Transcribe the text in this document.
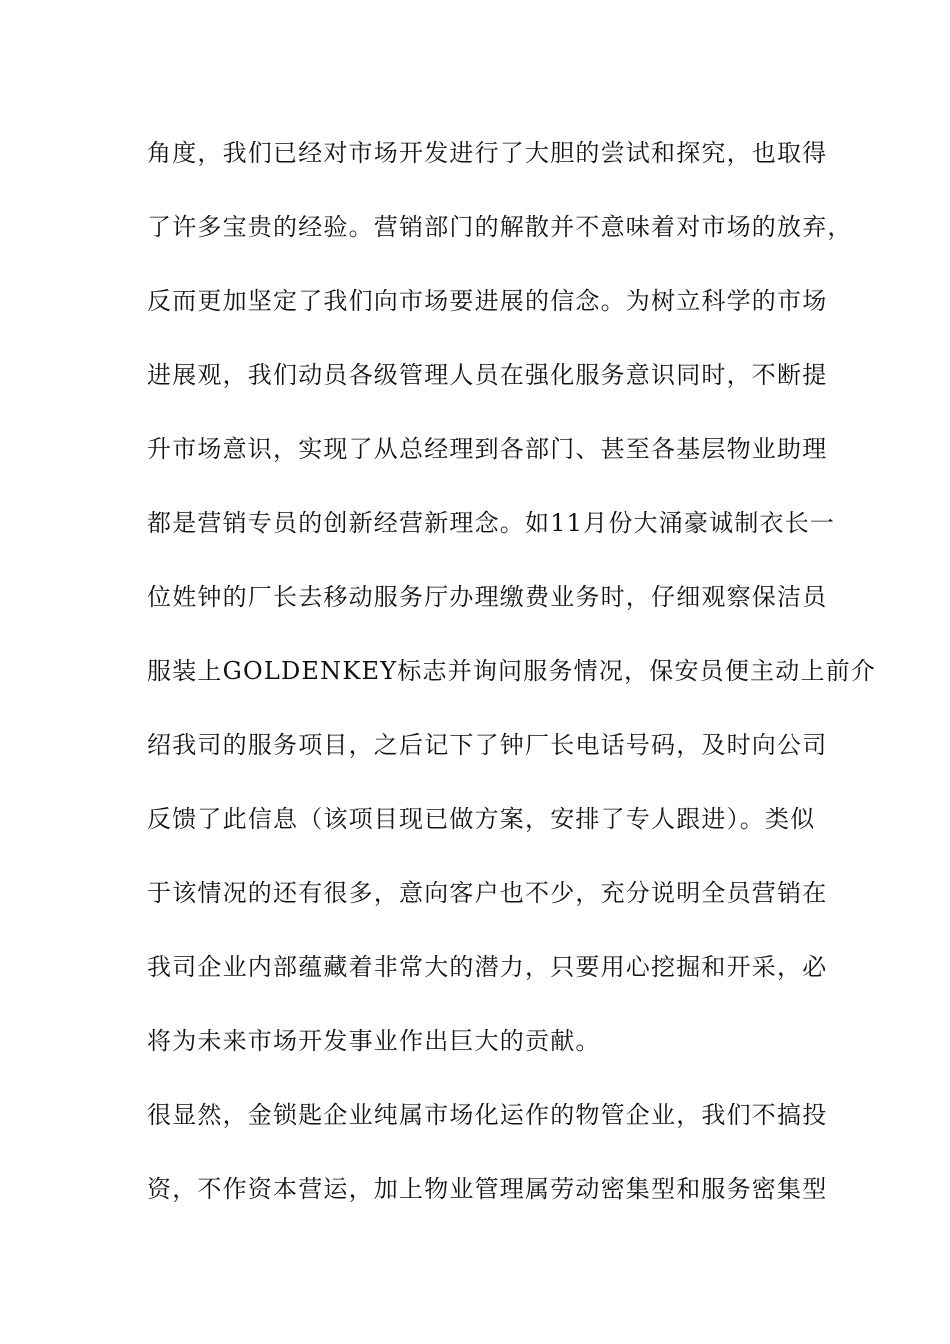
角度，我们已经对市场开发进行了大胆的尝试和探究，也取得
了许多宝贵的经验。营销部门的解散并不意味着对市场的放弃，
反而更加坚定了我们向市场要进展的信念。为树立科学的市场
进展观，我们动员各级管理人员在强化服务意识同时，不断提
升市场意识，实现了从总经理到各部门、甚至各基层物业助理
都是营销专员的创新经营新理念。如11月份大涌豪诚制衣长一
位姓钟的厂长去移动服务厅办理缴费业务时，仔细观察保洁员
服装上GOLDENKEY标志并询问服务情况，保安员便主动上前介
绍我司的服务项目，之后记下了钟厂长电话号码，及时向公司
反馈了此信息（该项目现已做方案，安排了专人跟进）。类似
于该情况的还有很多，意向客户也不少，充分说明全员营销在
我司企业内部蕴藏着非常大的潜力，只要用心挖掘和开采，必
将为未来市场开发事业作出巨大的贡献。
很显然，金锁匙企业纯属市场化运作的物管企业，我们不搞投
资，不作资本营运，加上物业管理属劳动密集型和服务密集型
